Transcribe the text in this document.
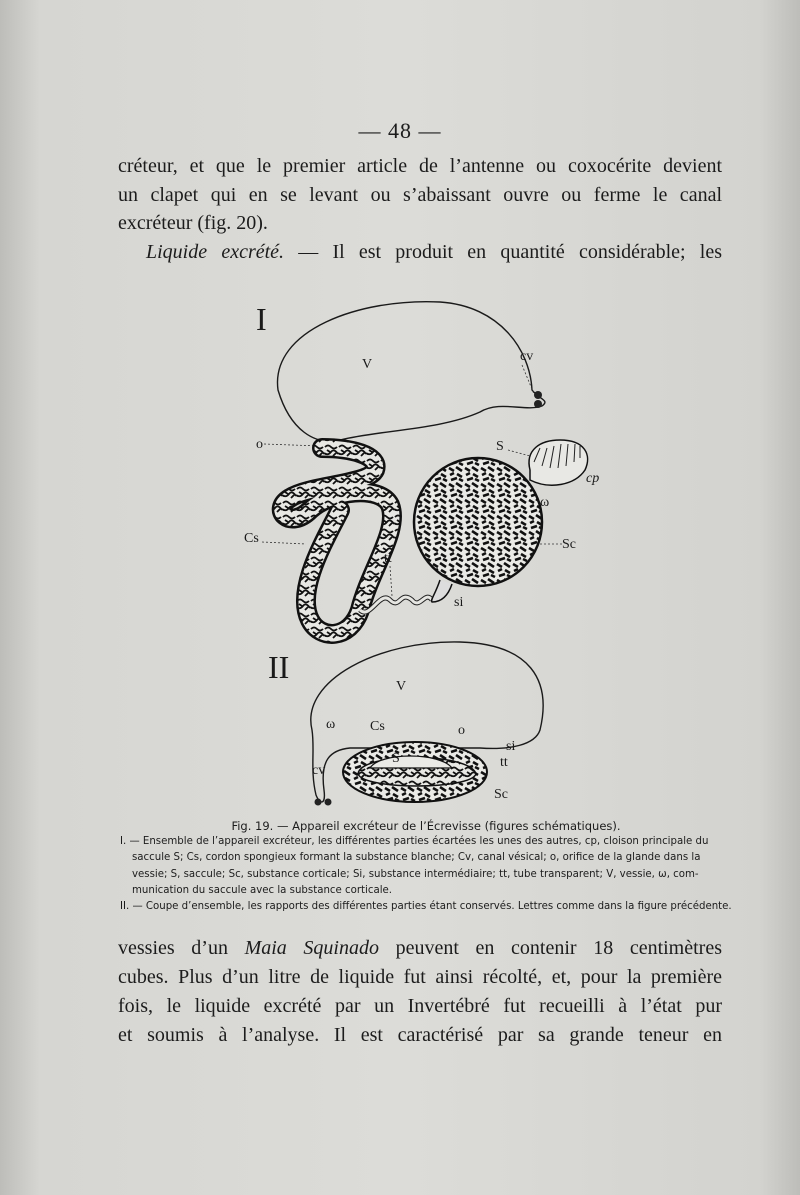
— 48 —
créteur, et que le premier article de l’antenne ou coxocérite devient
un clapet qui en se levant ou s’abaissant ouvre ou ferme le canal
excréteur (fig. 20).
Liquide excrété. — Il est produit en quantité considérable; les
I
V
cv
o
Cs
tt
si
Sc
S
cp
ω
II
V
ω Cs	o
S
si
tt
cv
Sc
Fig. 19. — Appareil excréteur de l’Écrevisse (figures schématiques).
I. — Ensemble de l’appareil excréteur, les différentes parties écartées les unes des autres, cp, cloison principale du
saccule S; Cs, cordon spongieux formant la substance blanche; Cv, canal vésical; o, orifice de la glande dans la
vessie; S, saccule; Sc, substance corticale; Si, substance intermédiaire; tt, tube transparent; V, vessie, ω, com-
munication du saccule avec la substance corticale.
II. — Coupe d’ensemble, les rapports des différentes parties étant conservés. Lettres comme dans la figure précédente.
vessies d’un Maia Squinado peuvent en contenir 18 centimètres
cubes. Plus d’un litre de liquide fut ainsi récolté, et, pour la première
fois, le liquide excrété par un Invertébré fut recueilli à l’état pur
et soumis à l’analyse. Il est caractérisé par sa grande teneur en
